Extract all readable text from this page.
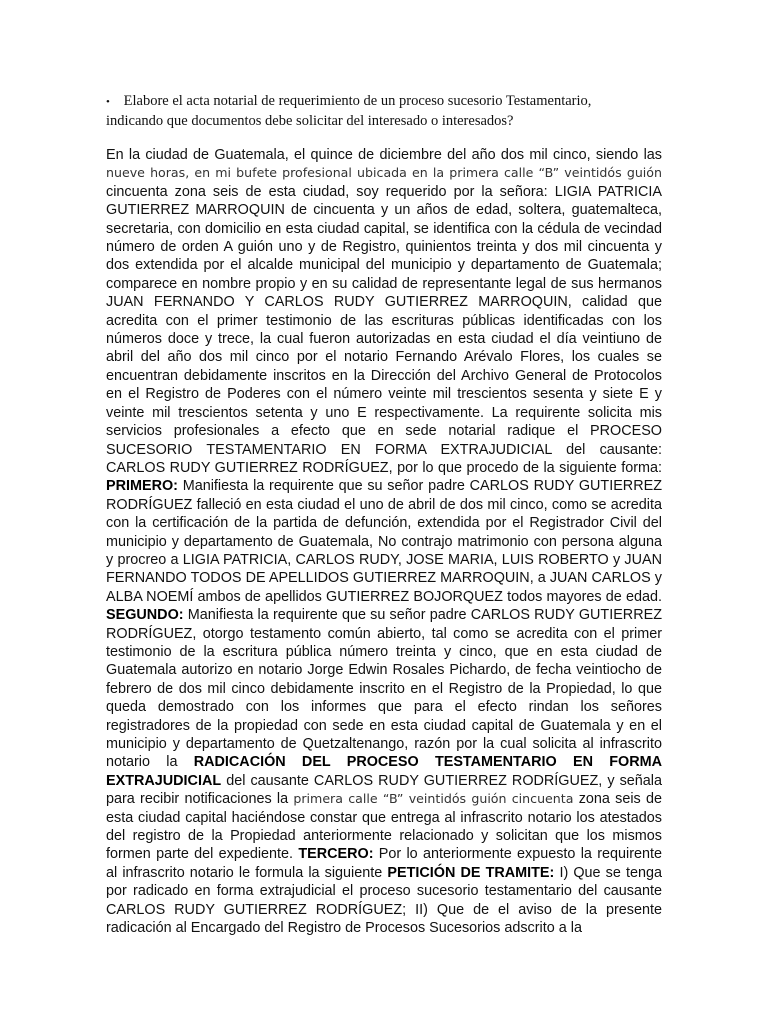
• Elabore el acta notarial de requerimiento de un proceso sucesorio Testamentario,
indicando que documentos debe solicitar del interesado o interesados?
En la ciudad de Guatemala, el quince de diciembre del año dos mil cinco, siendo las nueve horas, en mi bufete profesional ubicada en la primera calle “B” veintidós guión cincuenta zona seis de esta ciudad, soy requerido por la señora: LIGIA PATRICIA GUTIERREZ MARROQUIN de cincuenta y un años de edad, soltera, guatemalteca, secretaria, con domicilio en esta ciudad capital, se identifica con la cédula de vecindad número de orden A guión uno y de Registro, quinientos treinta y dos mil cincuenta y dos extendida por el alcalde municipal del municipio y departamento de Guatemala; comparece en nombre propio y en su calidad de representante legal de sus hermanos JUAN FERNANDO Y CARLOS RUDY GUTIERREZ MARROQUIN, calidad que acredita con el primer testimonio de las escrituras públicas identificadas con los números doce y trece, la cual fueron autorizadas en esta ciudad el día veintiuno de abril del año dos mil cinco por el notario Fernando Arévalo Flores, los cuales se encuentran debidamente inscritos en la Dirección del Archivo General de Protocolos en el Registro de Poderes con el número veinte mil trescientos sesenta y siete E y veinte mil trescientos setenta y uno E respectivamente. La requirente solicita mis servicios profesionales a efecto que en sede notarial radique el PROCESO SUCESORIO TESTAMENTARIO EN FORMA EXTRAJUDICIAL del causante: CARLOS RUDY GUTIERREZ RODRÍGUEZ, por lo que procedo de la siguiente forma: PRIMERO: Manifiesta la requirente que su señor padre CARLOS RUDY GUTIERREZ RODRÍGUEZ falleció en esta ciudad el uno de abril de dos mil cinco, como se acredita con la certificación de la partida de defunción, extendida por el Registrador Civil del municipio y departamento de Guatemala, No contrajo matrimonio con persona alguna y procreo a LIGIA PATRICIA, CARLOS RUDY, JOSE MARIA, LUIS ROBERTO y JUAN FERNANDO TODOS DE APELLIDOS GUTIERREZ MARROQUIN, a JUAN CARLOS y ALBA NOEMÍ ambos de apellidos GUTIERREZ BOJORQUEZ todos mayores de edad. SEGUNDO: Manifiesta la requirente que su señor padre CARLOS RUDY GUTIERREZ RODRÍGUEZ, otorgo testamento común abierto, tal como se acredita con el primer testimonio de la escritura pública número treinta y cinco, que en esta ciudad de Guatemala autorizo en notario Jorge Edwin Rosales Pichardo, de fecha veintiocho de febrero de dos mil cinco debidamente inscrito en el Registro de la Propiedad, lo que queda demostrado con los informes que para el efecto rindan los señores registradores de la propiedad con sede en esta ciudad capital de Guatemala y en el municipio y departamento de Quetzaltenango, razón por la cual solicita al infrascrito notario la RADICACIÓN DEL PROCESO TESTAMENTARIO EN FORMA EXTRAJUDICIAL del causante CARLOS RUDY GUTIERREZ RODRÍGUEZ, y señala para recibir notificaciones la primera calle “B” veintidós guión cincuenta zona seis de esta ciudad capital haciéndose constar que entrega al infrascrito notario los atestados del registro de la Propiedad anteriormente relacionado y solicitan que los mismos formen parte del expediente. TERCERO: Por lo anteriormente expuesto la requirente al infrascrito notario le formula la siguiente PETICIÓN DE TRAMITE: I) Que se tenga por radicado en forma extrajudicial el proceso sucesorio testamentario del causante CARLOS RUDY GUTIERREZ RODRÍGUEZ; II) Que de el aviso de la presente radicación al Encargado del Registro de Procesos Sucesorios adscrito a la
